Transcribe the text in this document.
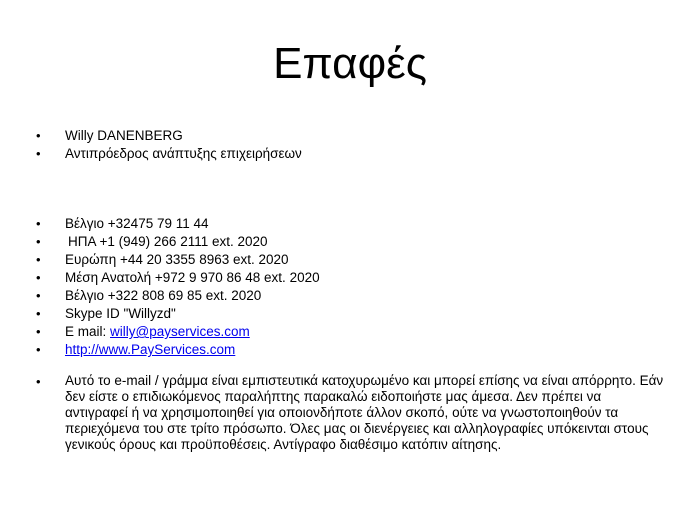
Επαφές
•	Willy DANENBERG
•	Αντιπρόεδρος ανάπτυξης επιχειρήσεων
•	Βέλγιο +32475 79 11 44
•	ΗΠΑ +1 (949) 266 2111 ext. 2020
•	Ευρώπη +44 20 3355 8963 ext. 2020
•	Μέση Ανατολή +972 9 970 86 48 ext. 2020
•	Βέλγιο +322 808 69 85 ext. 2020
•	Skype ID "Willyzd"
•	E mail: willy@payservices.com
•	http://www.PayServices.com
•	Αυτό το e-mail / γράμμα είναι εμπιστευτικά κατοχυρωμένο και μπορεί επίσης να είναι απόρρητο. Εάν δεν είστε ο επιδιωκόμενος παραλήπτης παρακαλώ ειδοποιήστε μας άμεσα. Δεν πρέπει να αντιγραφεί ή να χρησιμοποιηθεί για οποιονδήποτε άλλον σκοπό, ούτε να γνωστοποιηθούν τα περιεχόμενα του στε τρίτο πρόσωπο. Όλες μας οι διενέργειες και αλληλογραφίες υπόκεινται στους γενικούς όρους και προϋποθέσεις. Αντίγραφο διαθέσιμο κατόπιν αίτησης.
